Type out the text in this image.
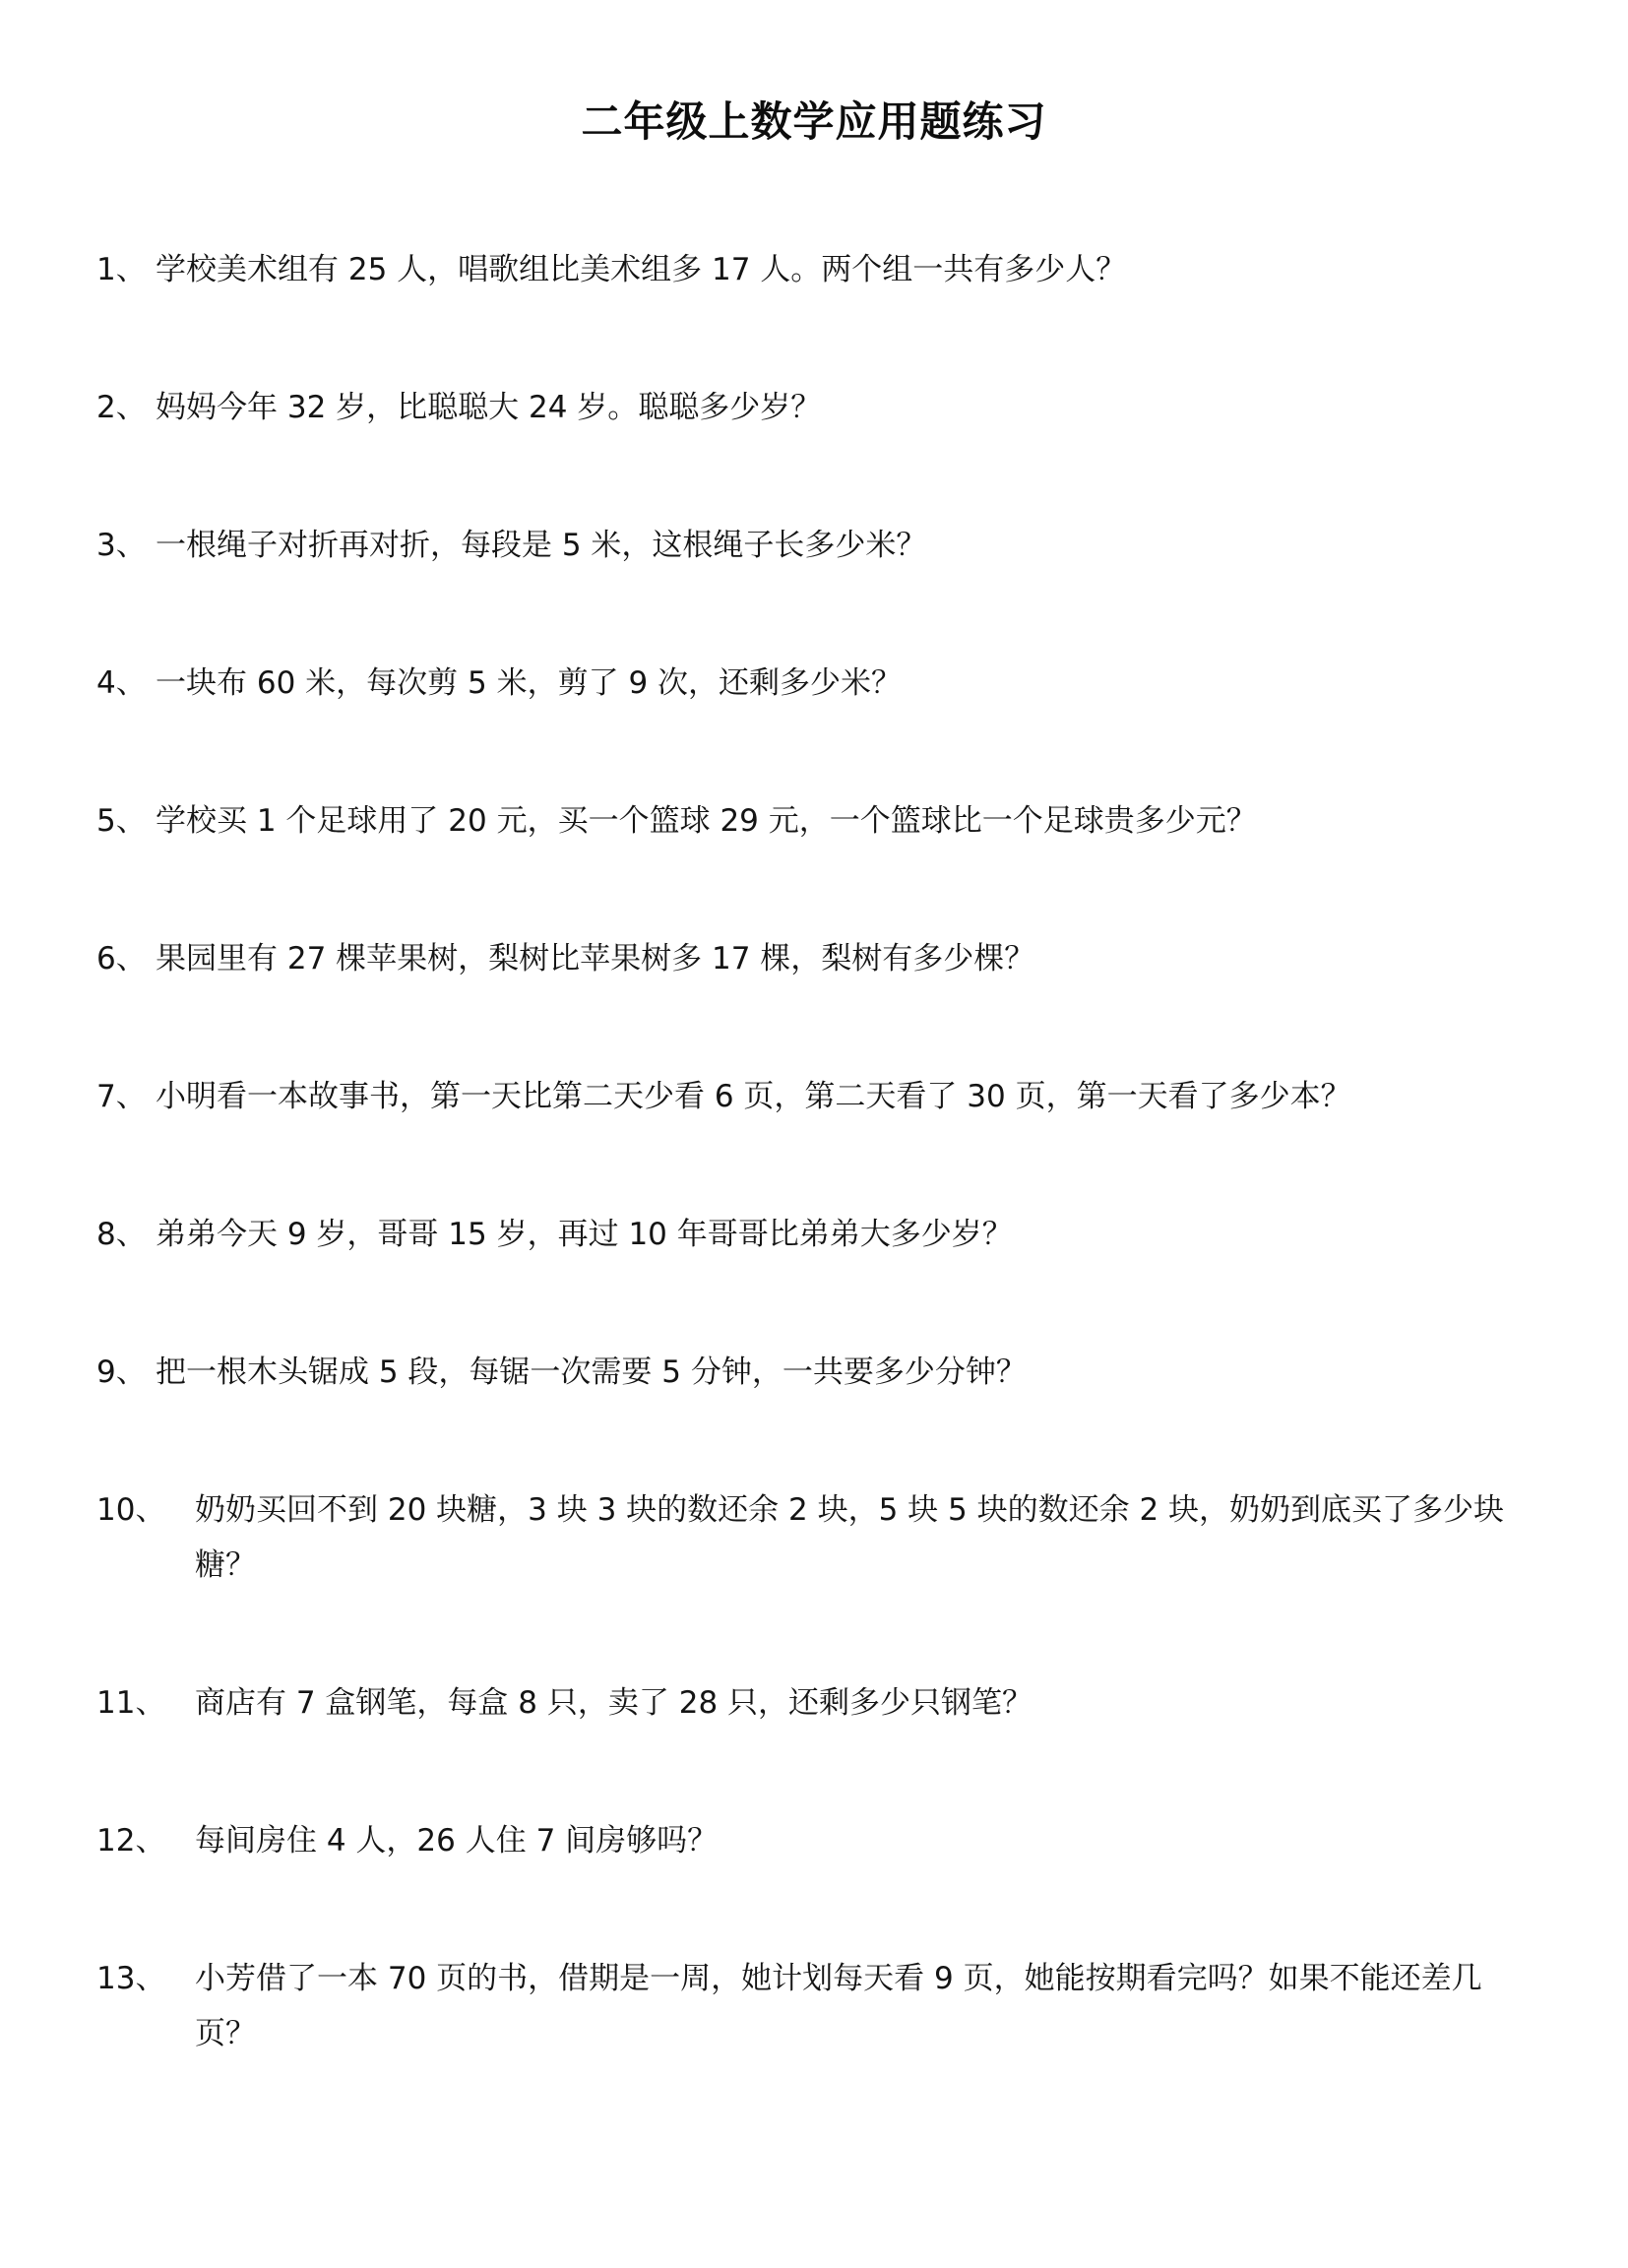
二年级上数学应用题练习
1、 学校美术组有 25 人，唱歌组比美术组多 17 人。两个组一共有多少人？
2、 妈妈今年 32 岁，比聪聪大 24 岁。聪聪多少岁？
3、 一根绳子对折再对折，每段是 5 米，这根绳子长多少米？
4、 一块布 60 米，每次剪 5 米，剪了 9 次，还剩多少米？
5、 学校买 1 个足球用了 20 元，买一个篮球 29 元，一个篮球比一个足球贵多少元？
6、 果园里有 27 棵苹果树，梨树比苹果树多 17 棵，梨树有多少棵？
7、 小明看一本故事书，第一天比第二天少看 6 页，第二天看了 30 页，第一天看了多少本？
8、 弟弟今天 9 岁，哥哥 15 岁，再过 10 年哥哥比弟弟大多少岁？
9、 把一根木头锯成 5 段，每锯一次需要 5 分钟，一共要多少分钟？
10、 奶奶买回不到 20 块糖，3 块 3 块的数还余 2 块，5 块 5 块的数还余 2 块，奶奶到底买了多少块糖？
11、 商店有 7 盒钢笔，每盒 8 只，卖了 28 只，还剩多少只钢笔？
12、 每间房住 4 人，26 人住 7 间房够吗？
13、 小芳借了一本 70 页的书，借期是一周，她计划每天看 9 页，她能按期看完吗？如果不能还差几页？
